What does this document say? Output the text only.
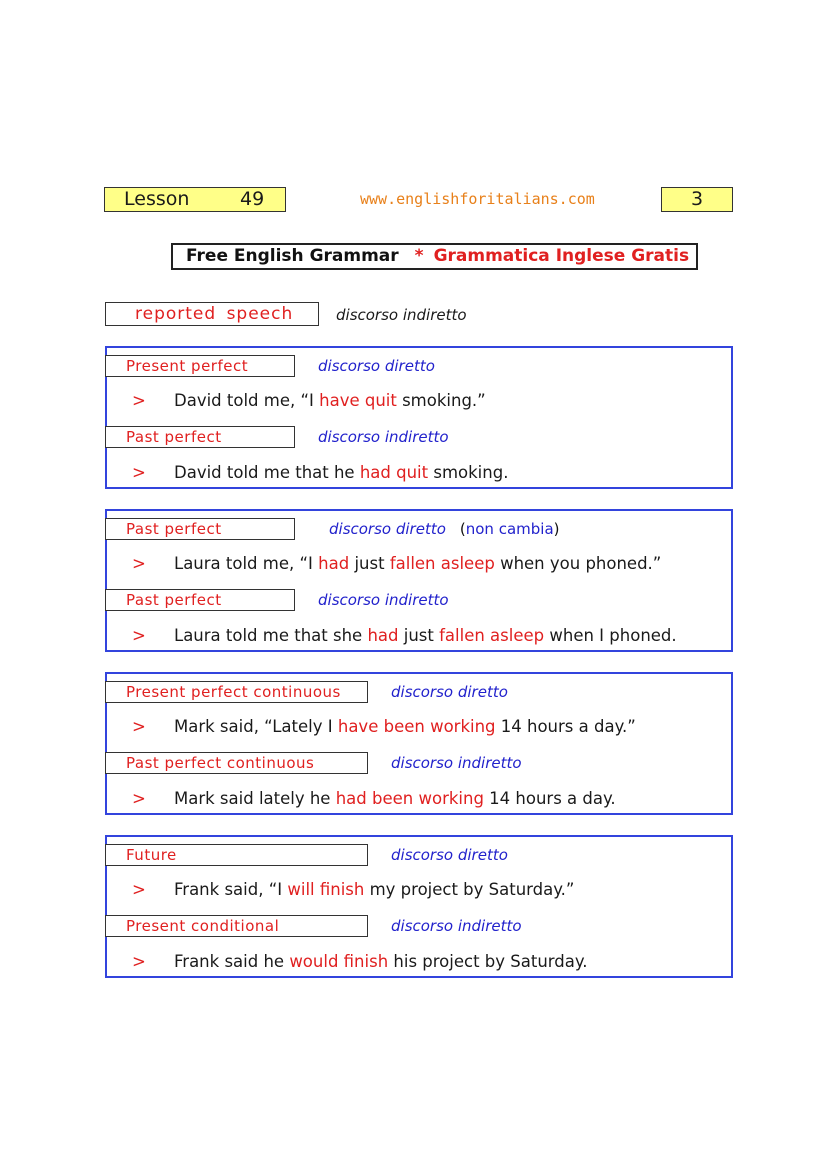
Lesson	49	www.englishforitalians.com	3
Free English Grammar * Grammatica Inglese Gratis
reported speech	discorso indiretto
Present perfect	discorso diretto
> David told me, “I have quit smoking.”
Past perfect	discorso indiretto
> David told me that he had quit smoking.
Past perfect	discorso diretto (non cambia)
> Laura told me, “I had just fallen asleep when you phoned.”
Past perfect	discorso indiretto
> Laura told me that she had just fallen asleep when I phoned.
Present perfect continuous	discorso diretto
> Mark said, “Lately I have been working 14 hours a day.”
Past perfect continuous	discorso indiretto
> Mark said lately he had been working 14 hours a day.
Future	discorso diretto
> Frank said, “I will finish my project by Saturday.”
Present conditional	discorso indiretto
> Frank said he would finish his project by Saturday.
